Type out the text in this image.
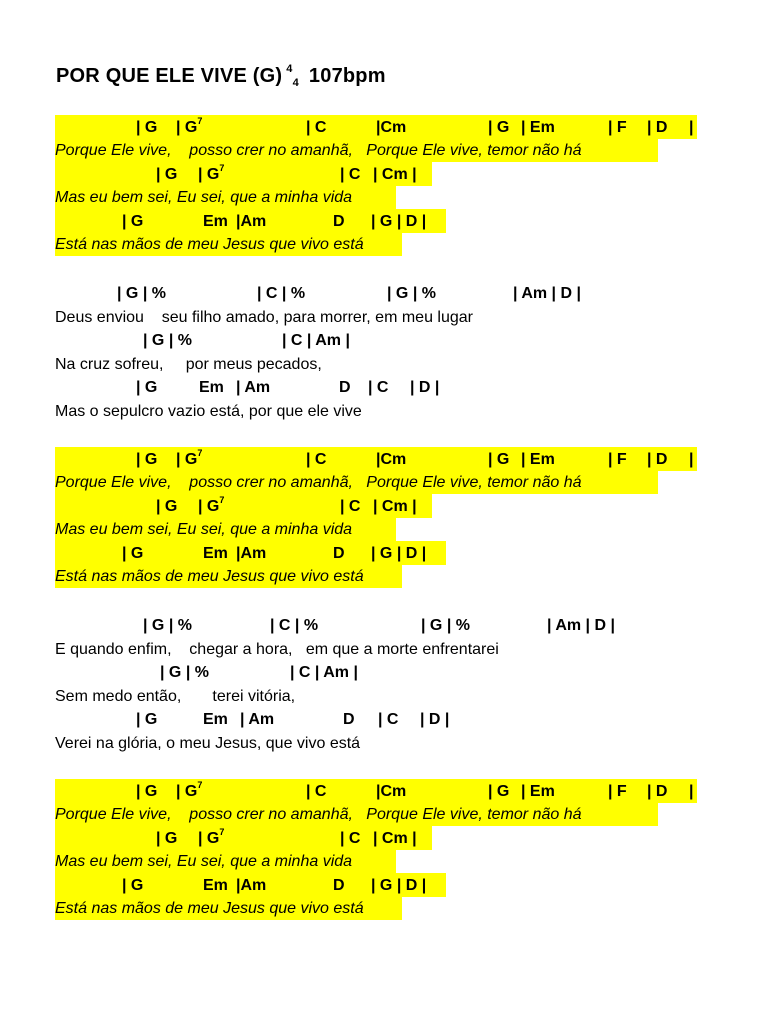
POR QUE ELE VIVE (G) $^4_4$ 107bpm

| G

| $G^7$

	| C

	|Cm

	| G

| Em

	| F

| D

|

Porque Ele vive,    posso crer no amanhã,   Porque Ele vive, temor não há

| G

| $G^7$

	| C

| Cm |

Mas eu bem sei, Eu sei, que a minha vida

| G

	Em

|Am

	D

| G | D |

Está nas mãos de meu Jesus que vivo está

| G | %

	| C | %

	| G | %

	| Am | D |

Deus enviou    seu filho amado, para morrer, em meu lugar

| G | %

	| C | Am |

Na cruz sofreu,     por meus pecados,

| G

	Em

| Am

	D

| C

| D |

Mas o sepulcro vazio está, por que ele vive

| G

| $G^7$

	| C

	|Cm

	| G

| Em

	| F

| D

|

Porque Ele vive,    posso crer no amanhã,   Porque Ele vive, temor não há

| G

| $G^7$

	| C

| Cm |

Mas eu bem sei, Eu sei, que a minha vida

| G

	Em

|Am

	D

| G | D |

Está nas mãos de meu Jesus que vivo está

| G | %

	| C | %

	| G | %

	| Am | D |

E quando enfim,    chegar a hora,   em que a morte enfrentarei

| G | %

	| C | Am |

Sem medo então,       terei vitória,

| G

	Em

| Am

	D

| C

| D |

Verei na glória, o meu Jesus, que vivo está

| G

| $G^7$

	| C

	|Cm

	| G

| Em

	| F

| D

|

Porque Ele vive,    posso crer no amanhã,   Porque Ele vive, temor não há

| G

| $G^7$

	| C

| Cm |

Mas eu bem sei, Eu sei, que a minha vida

| G

	Em

|Am

	D

| G | D |

Está nas mãos de meu Jesus que vivo está
